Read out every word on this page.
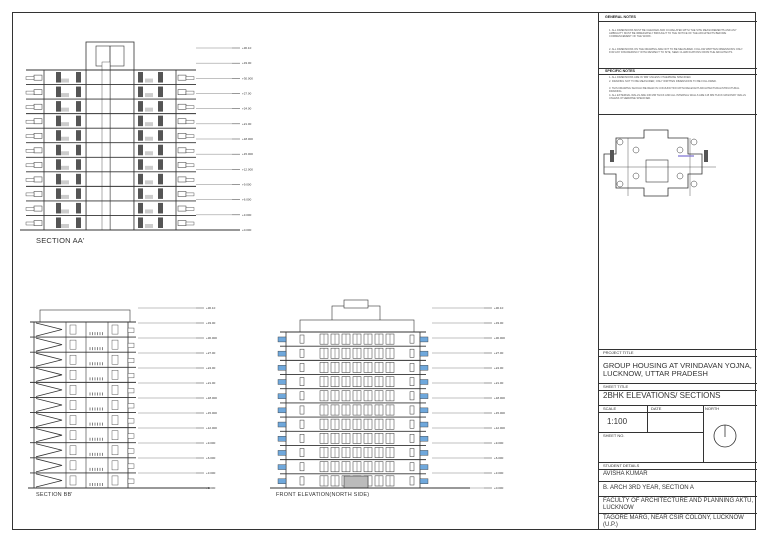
+30.10
+33.00
+30.000
+27.00
+24.00
+21.00
+18.000
+15.000
+12.000
+9.000
+6.000
+3.000
+0.000
+30.10
+33.00
+30.000
+27.00
+24.00
+21.00
+18.000
+15.000
+12.000
+9.000
+6.000
+3.000
+0.000
+30.10
+33.00
+30.000
+27.00
+24.00
+21.00
+18.000
+15.000
+12.000
+9.000
+6.000
+3.000
+0.000
SECTION AA'
SECTION BB'	FRONT ELEVATION(NORTH SIDE)
GENERAL NOTES
1. ALL DIMENSIONS MUST BE CHECKED AND CO-RELATED WITH THE SITE MEASUREMENTS AND ANY AMBIGUITY MUST BE IMMEDIATELY BROUGHT TO THE NOTICE OF THE ARCHITECTS BEFORE COMMENCEMENT OF THE WORK.
2. ALL DIMENSIONS ON THE DRAWING ARE NOT TO BE MEASURED. FOLLOW WRITTEN DIMENSIONS ONLY. FOR ANY DISCREPANCY WITH RESPECT TO SITE, SEEK CLARIFICATIONS FROM THE ARCHITECTS.
SPECIFIC NOTES
1. ALL DIMENSIONS ARE IN 'MM' UNLESS OTHERWISE SPECIFIED.
2. DRAWING NOT TO BE MEASURED; ONLY WRITTEN DIMENSIONS TO BE FOLLOWED.
3. THIS DRAWING SHOULD BE READ IN CONJUNCTION WITH RELEVANT ARCHITECTURAL/STRUCTURAL DRAWING.
4. ALL EXTERNAL WALLS ARE 230 MM THICK AND ALL INTERNAL WALLS ARE 115 MM THICK MASONRY WALLS UNLESS OTHERWISE SPECIFIED.
PROJECT TITLE
GROUP HOUSING AT VRINDAVAN YOJNA, LUCKNOW, UTTAR PRADESH
SHEET TITLE
2BHK ELEVATIONS/ SECTIONS
SCALE	DATE	NORTH
1:100
SHEET NO.
STUDENT DETAILS
AVISHA KUMAR
B. ARCH 3RD YEAR, SECTION A
FACULTY OF ARCHITECTURE AND PLANNING AKTU, LUCKNOW
TAGORE MARG, NEAR CSIR COLONY, LUCKNOW (U.P.)
